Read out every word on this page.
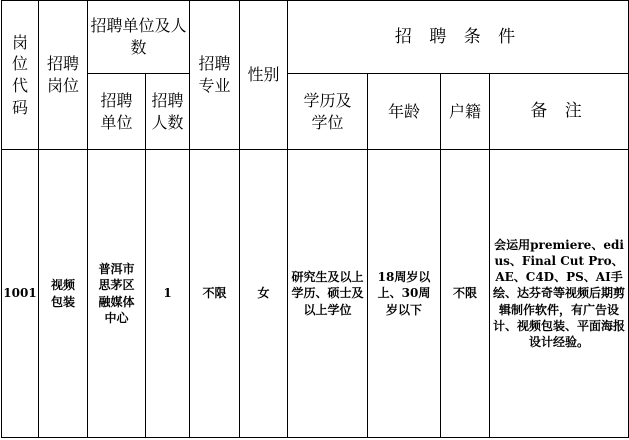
岗位代码	招聘岗位	招聘单位及人数		招聘专业	性别	招 聘 条 件			
		招聘单位	招聘人数			学历及学位	年龄	户籍	备 注
1001	视频包装	普洱市思茅区融媒体中心	1	不限	女	研究生及以上学历、硕士及以上学位	18周岁以上、30周岁以下	不限	会运用premiere、edius、Final Cut Pro、AE、C4D、PS、AI手绘、达芬奇等视频后期剪辑制作软件，有广告设计、视频包装、平面海报设计经验。
